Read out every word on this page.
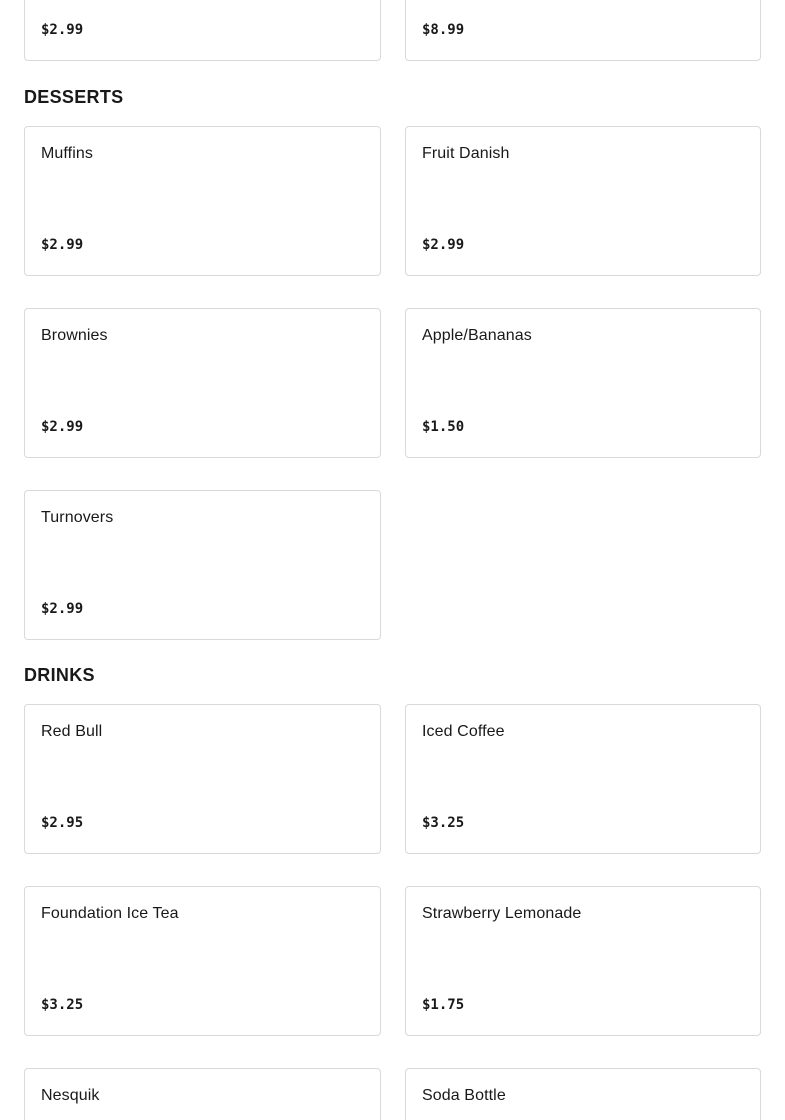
$2.99	$8.99
DESSERTS
Muffins
$2.99
Fruit Danish
$2.99
Brownies
$2.99
Apple/Bananas
$1.50
Turnovers
$2.99
DRINKS
Red Bull
$2.95
Iced Coffee
$3.25
Foundation Ice Tea
$3.25
Strawberry Lemonade
$1.75
Nesquik	Soda Bottle
